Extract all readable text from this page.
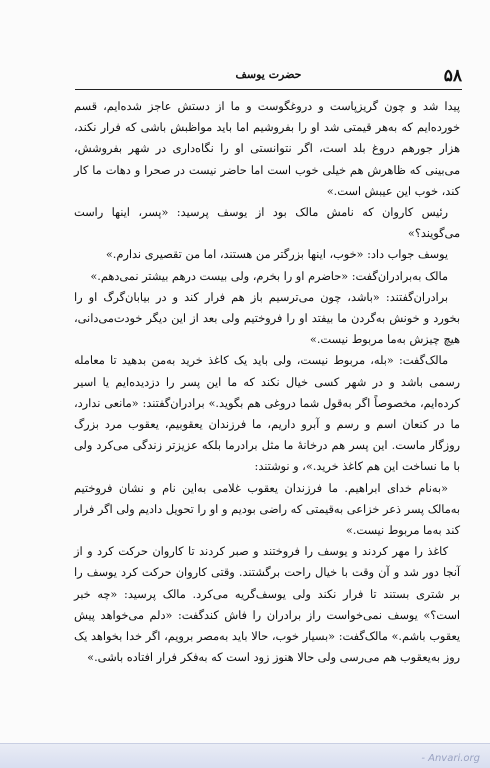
۵۸
حضرت یوسف

پیدا شد و چون گریزپاست و دروغگوست و ما از دستش عاجز شده‌ایم، قسم خورده‌ایم که به‌هر قیمتی شد او را بفروشیم اما باید مواظبش باشی که فرار نکند، هزار جورهم دروغ بلد است، اگر نتوانستی او را نگاه‌داری در شهر بفروشش، می‌بینی که ظاهرش هم خیلی خوب است اما حاضر نیست در صحرا و دهات ما کار کند، خوب این عیبش است.»

رئیس کاروان که نامش مالک بود از یوسف پرسید: «پسر، اینها راست می‌گویند؟»

یوسف جواب داد: «خوب، اینها بزرگتر من هستند، اما من تقصیری ندارم.»

مالک به‌برادران‌گفت: «حاضرم او را بخرم، ولی بیست درهم بیشتر نمی‌دهم.»

برادران‌گفتند: «باشد، چون می‌ترسیم باز هم فرار کند و در بیابان‌گرگ او را بخورد و خونش به‌گردن ما بیفتد او را فروختیم ولی بعد از این دیگر خودت‌می‌دانی، هیچ چیزش به‌ما مربوط نیست.»

مالک‌گفت: «بله، مربوط نیست، ولی باید یک کاغذ خرید به‌من بدهید تا معامله رسمی باشد و در شهر کسی خیال نکند که ما این پسر را دزدیده‌ایم یا اسیر کرده‌ایم، مخصوصاً اگر به‌قول شما دروغی هم بگوید.» برادران‌گفتند: «مانعی ندارد، ما در کنعان اسم و رسم و آبرو داریم، ما فرزندان یعقوبیم، یعقوب مرد بزرگ روزگار ماست. این پسر هم درخانهٔ ما مثل برادرما بلکه عزیزتر زندگی می‌کرد ولی با ما نساخت این هم کاغذ خرید.»، و نوشتند:

«به‌نام خدای ابراهیم. ما فرزندان یعقوب غلامی به‌این نام و نشان فروختیم به‌مالک پسر ذعر خزاعی به‌قیمتی که راضی بودیم و او را تحویل دادیم ولی اگر فرار کند به‌ما مربوط نیست.»

کاغذ را مهر کردند و یوسف را فروختند و صبر کردند تا کاروان حرکت کرد و از آنجا دور شد و آن وقت با خیال راحت برگشتند. وقتی کاروان حرکت کرد یوسف را بر شتری بستند تا فرار نکند ولی یوسف‌گریه می‌کرد. مالک پرسید: «چه خبر است؟» یوسف نمی‌خواست راز برادران را فاش کند‌گفت: «دلم می‌خواهد پیش یعقوب باشم.» مالک‌گفت: «بسیار خوب، حالا باید به‌مصر برویم، اگر خدا بخواهد یک روز به‌یعقوب هم می‌رسی ولی حالا هنوز زود است که به‌فکر فرار افتاده باشی.»

- Anvari.org
